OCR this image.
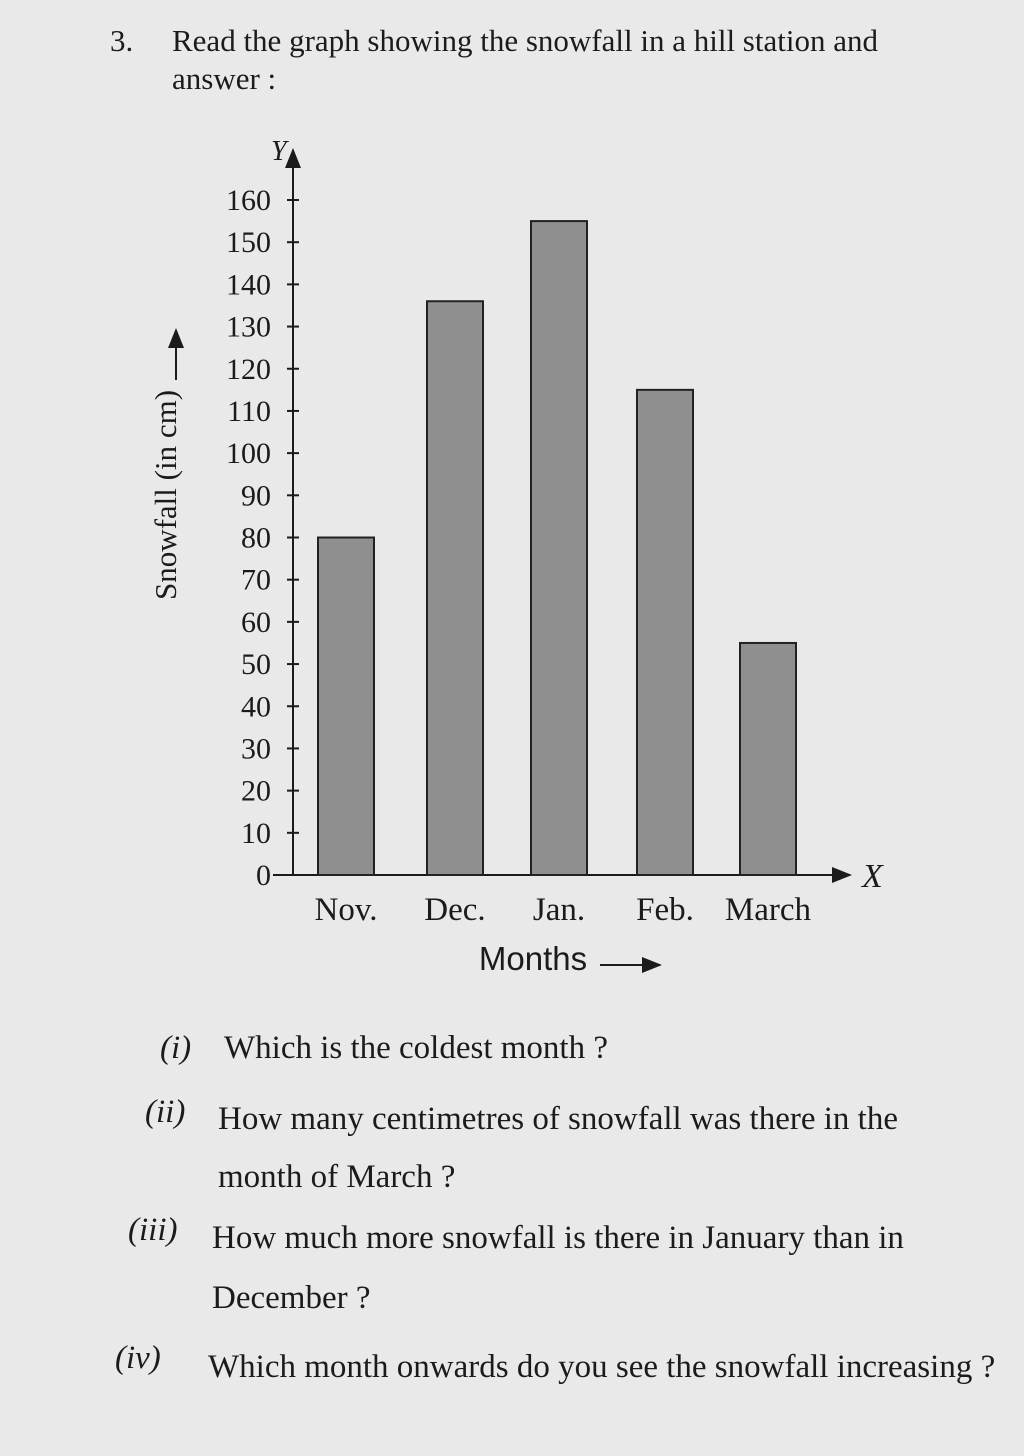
3. Read the graph showing the snowfall in a hill station and answer :
0
10
20
30
40
50
60
70
80
90
100
110
120
130
140
150
160
Y
X
Nov. Dec. Jan. Feb. March
Snowfall (in cm)
Months
(i) Which is the coldest month ?
(ii) How many centimetres of snowfall was there in the month of March ?
(iii) How much more snowfall is there in January than in December ?
(iv) Which month onwards do you see the snowfall increasing ?
